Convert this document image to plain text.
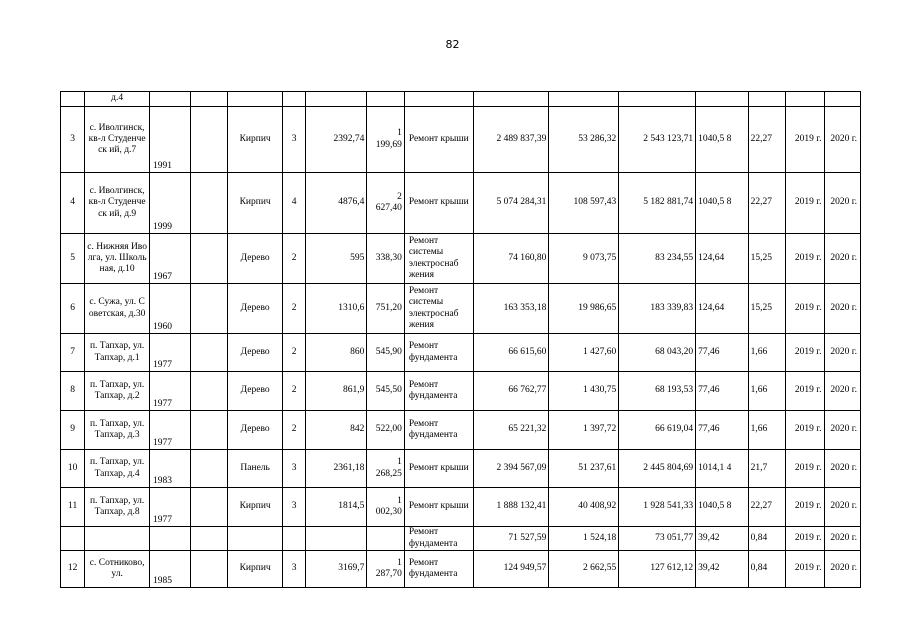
82
	д.4														
3	с. Иволгинск, кв-л Студенческ ий, д.7	1991		Кирпич	3	2392,74	1 199,69	Ремонт крыши	2 489 837,39	53 286,32	2 543 123,71	1040,5 8	22,27	2019 г.	2020 г.
4	с. Иволгинск, кв-л Студенческ ий, д.9	1999		Кирпич	4	4876,4	2 627,40	Ремонт крыши	5 074 284,31	108 597,43	5 182 881,74	1040,5 8	22,27	2019 г.	2020 г.
5	с. Нижняя Иволга, ул. Школьная, д.10	1967		Дерево	2	595	338,30	Ремонт системы электроснаб жения	74 160,80	9 073,75	83 234,55	124,64	15,25	2019 г.	2020 г.
6	с. Сужа, ул. Советская, д.30	1960		Дерево	2	1310,6	751,20	Ремонт системы электроснаб жения	163 353,18	19 986,65	183 339,83	124,64	15,25	2019 г.	2020 г.
7	п. Тапхар, ул. Тапхар, д.1	1977		Дерево	2	860	545,90	Ремонт фундамента	66 615,60	1 427,60	68 043,20	77,46	1,66	2019 г.	2020 г.
8	п. Тапхар, ул. Тапхар, д.2	1977		Дерево	2	861,9	545,50	Ремонт фундамента	66 762,77	1 430,75	68 193,53	77,46	1,66	2019 г.	2020 г.
9	п. Тапхар, ул. Тапхар, д.3	1977		Дерево	2	842	522,00	Ремонт фундамента	65 221,32	1 397,72	66 619,04	77,46	1,66	2019 г.	2020 г.
10	п. Тапхар, ул. Тапхар, д.4	1983		Панель	3	2361,18	1 268,25	Ремонт крыши	2 394 567,09	51 237,61	2 445 804,69	1014,1 4	21,7	2019 г.	2020 г.
11	п. Тапхар, ул. Тапхар, д.8	1977		Кирпич	3	1814,5	1 002,30	Ремонт крыши	1 888 132,41	40 408,92	1 928 541,33	1040,5 8	22,27	2019 г.	2020 г.
								Ремонт фундамента	71 527,59	1 524,18	73 051,77	39,42	0,84	2019 г.	2020 г.
12	с. Сотниково, ул.	1985		Кирпич	3	3169,7	1 287,70	Ремонт фундамента	124 949,57	2 662,55	127 612,12	39,42	0,84	2019 г.	2020 г.
